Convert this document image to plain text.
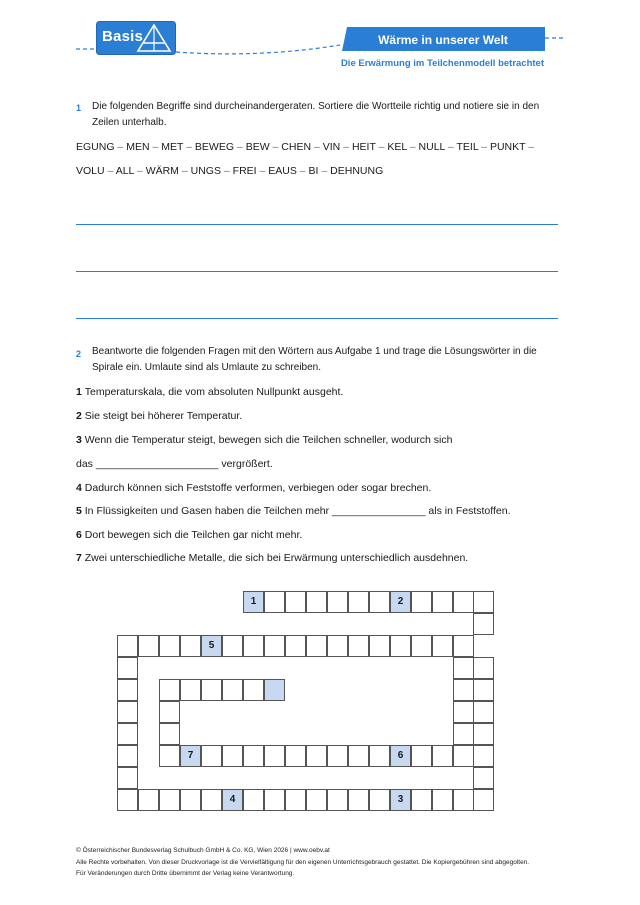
Basis	Wärme in unserer Welt
Die Erwärmung im Teilchenmodell betrachtet
1 Die folgenden Begriffe sind durcheinandergeraten. Sortiere die Wortteile richtig und notiere sie in den Zeilen unterhalb.
EGUNG – MEN – MET – BEWEG – BEW – CHEN – VIN – HEIT – KEL – NULL – TEIL – PUNKT –
VOLU – ALL – WÄRM – UNGS – FREI – EAUS – BI – DEHNUNG
2 Beantworte die folgenden Fragen mit den Wörtern aus Aufgabe 1 und trage die Lösungswörter in die Spirale ein. Umlaute sind als Umlaute zu schreiben.
1 Temperaturskala, die vom absoluten Nullpunkt ausgeht.
2 Sie steigt bei höherer Temperatur.
3 Wenn die Temperatur steigt, bewegen sich die Teilchen schneller, wodurch sich
das _____________________ vergrößert.
4 Dadurch können sich Feststoffe verformen, verbiegen oder sogar brechen.
5 In Flüssigkeiten und Gasen haben die Teilchen mehr ________________ als in Feststoffen.
6 Dort bewegen sich die Teilchen gar nicht mehr.
7 Zwei unterschiedliche Metalle, die sich bei Erwärmung unterschiedlich ausdehnen.
1	2
5
4	3
7	6
© Österreichischer Bundesverlag Schulbuch GmbH & Co. KG, Wien 2026 | www.oebv.at
Alle Rechte vorbehalten. Von dieser Druckvorlage ist die Vervielfältigung für den eigenen Unterrichtsgebrauch gestattet. Die Kopiergebühren sind abgegolten.
Für Veränderungen durch Dritte übernimmt der Verlag keine Verantwortung.
